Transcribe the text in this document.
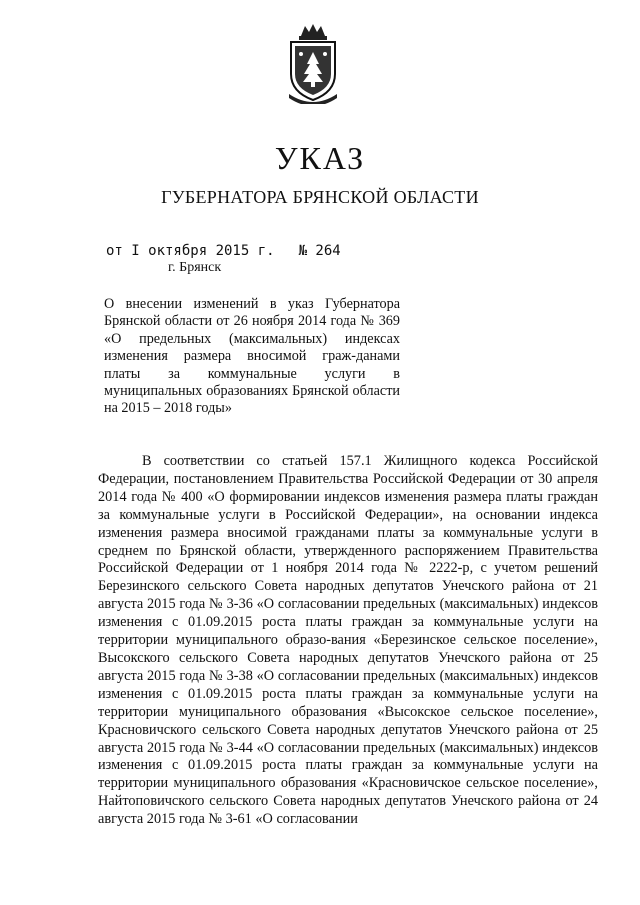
УКАЗ
ГУБЕРНАТОРА БРЯНСКОЙ ОБЛАСТИ
от I октября 2015 г. № 264
г. Брянск
О внесении изменений в указ Губернатора Брянской области от 26 ноября 2014 года № 369 «О предельных (максимальных) индексах изменения размера вносимой граж-данами платы за коммунальные услуги в муниципальных образованиях Брянской области на 2015 – 2018 годы»

В соответствии со статьей 157.1 Жилищного кодекса Российской Федерации, постановлением Правительства Российской Федерации от 30 апреля 2014 года № 400 «О формировании индексов изменения размера платы граждан за коммунальные услуги в Российской Федерации», на основании индекса изменения размера вносимой гражданами платы за коммунальные услуги в среднем по Брянской области, утвержденного распоряжением Правительства Российской Федерации от 1 ноября 2014 года № 2222-р, с учетом решений Березинского сельского Совета народных депутатов Унечского района от 21 августа 2015 года № 3-36 «О согласовании предельных (максимальных) индексов изменения с 01.09.2015 роста платы граждан за коммунальные услуги на территории муниципального образо-вания «Березинское сельское поселение», Высокского сельского Совета народных депутатов Унечского района от 25 августа 2015 года № 3-38 «О согласовании предельных (максимальных) индексов изменения с 01.09.2015 роста платы граждан за коммунальные услуги на территории муниципального образования «Высокское сельское поселение», Красновичского сельского Совета народных депутатов Унечского района от 25 августа 2015 года № 3-44 «О согласовании предельных (максимальных) индексов изменения с 01.09.2015 роста платы граждан за коммунальные услуги на территории муниципального образования «Красновичское сельское поселение», Найтоповичского сельского Совета народных депутатов Унечского района от 24 августа 2015 года № 3-61 «О согласовании
